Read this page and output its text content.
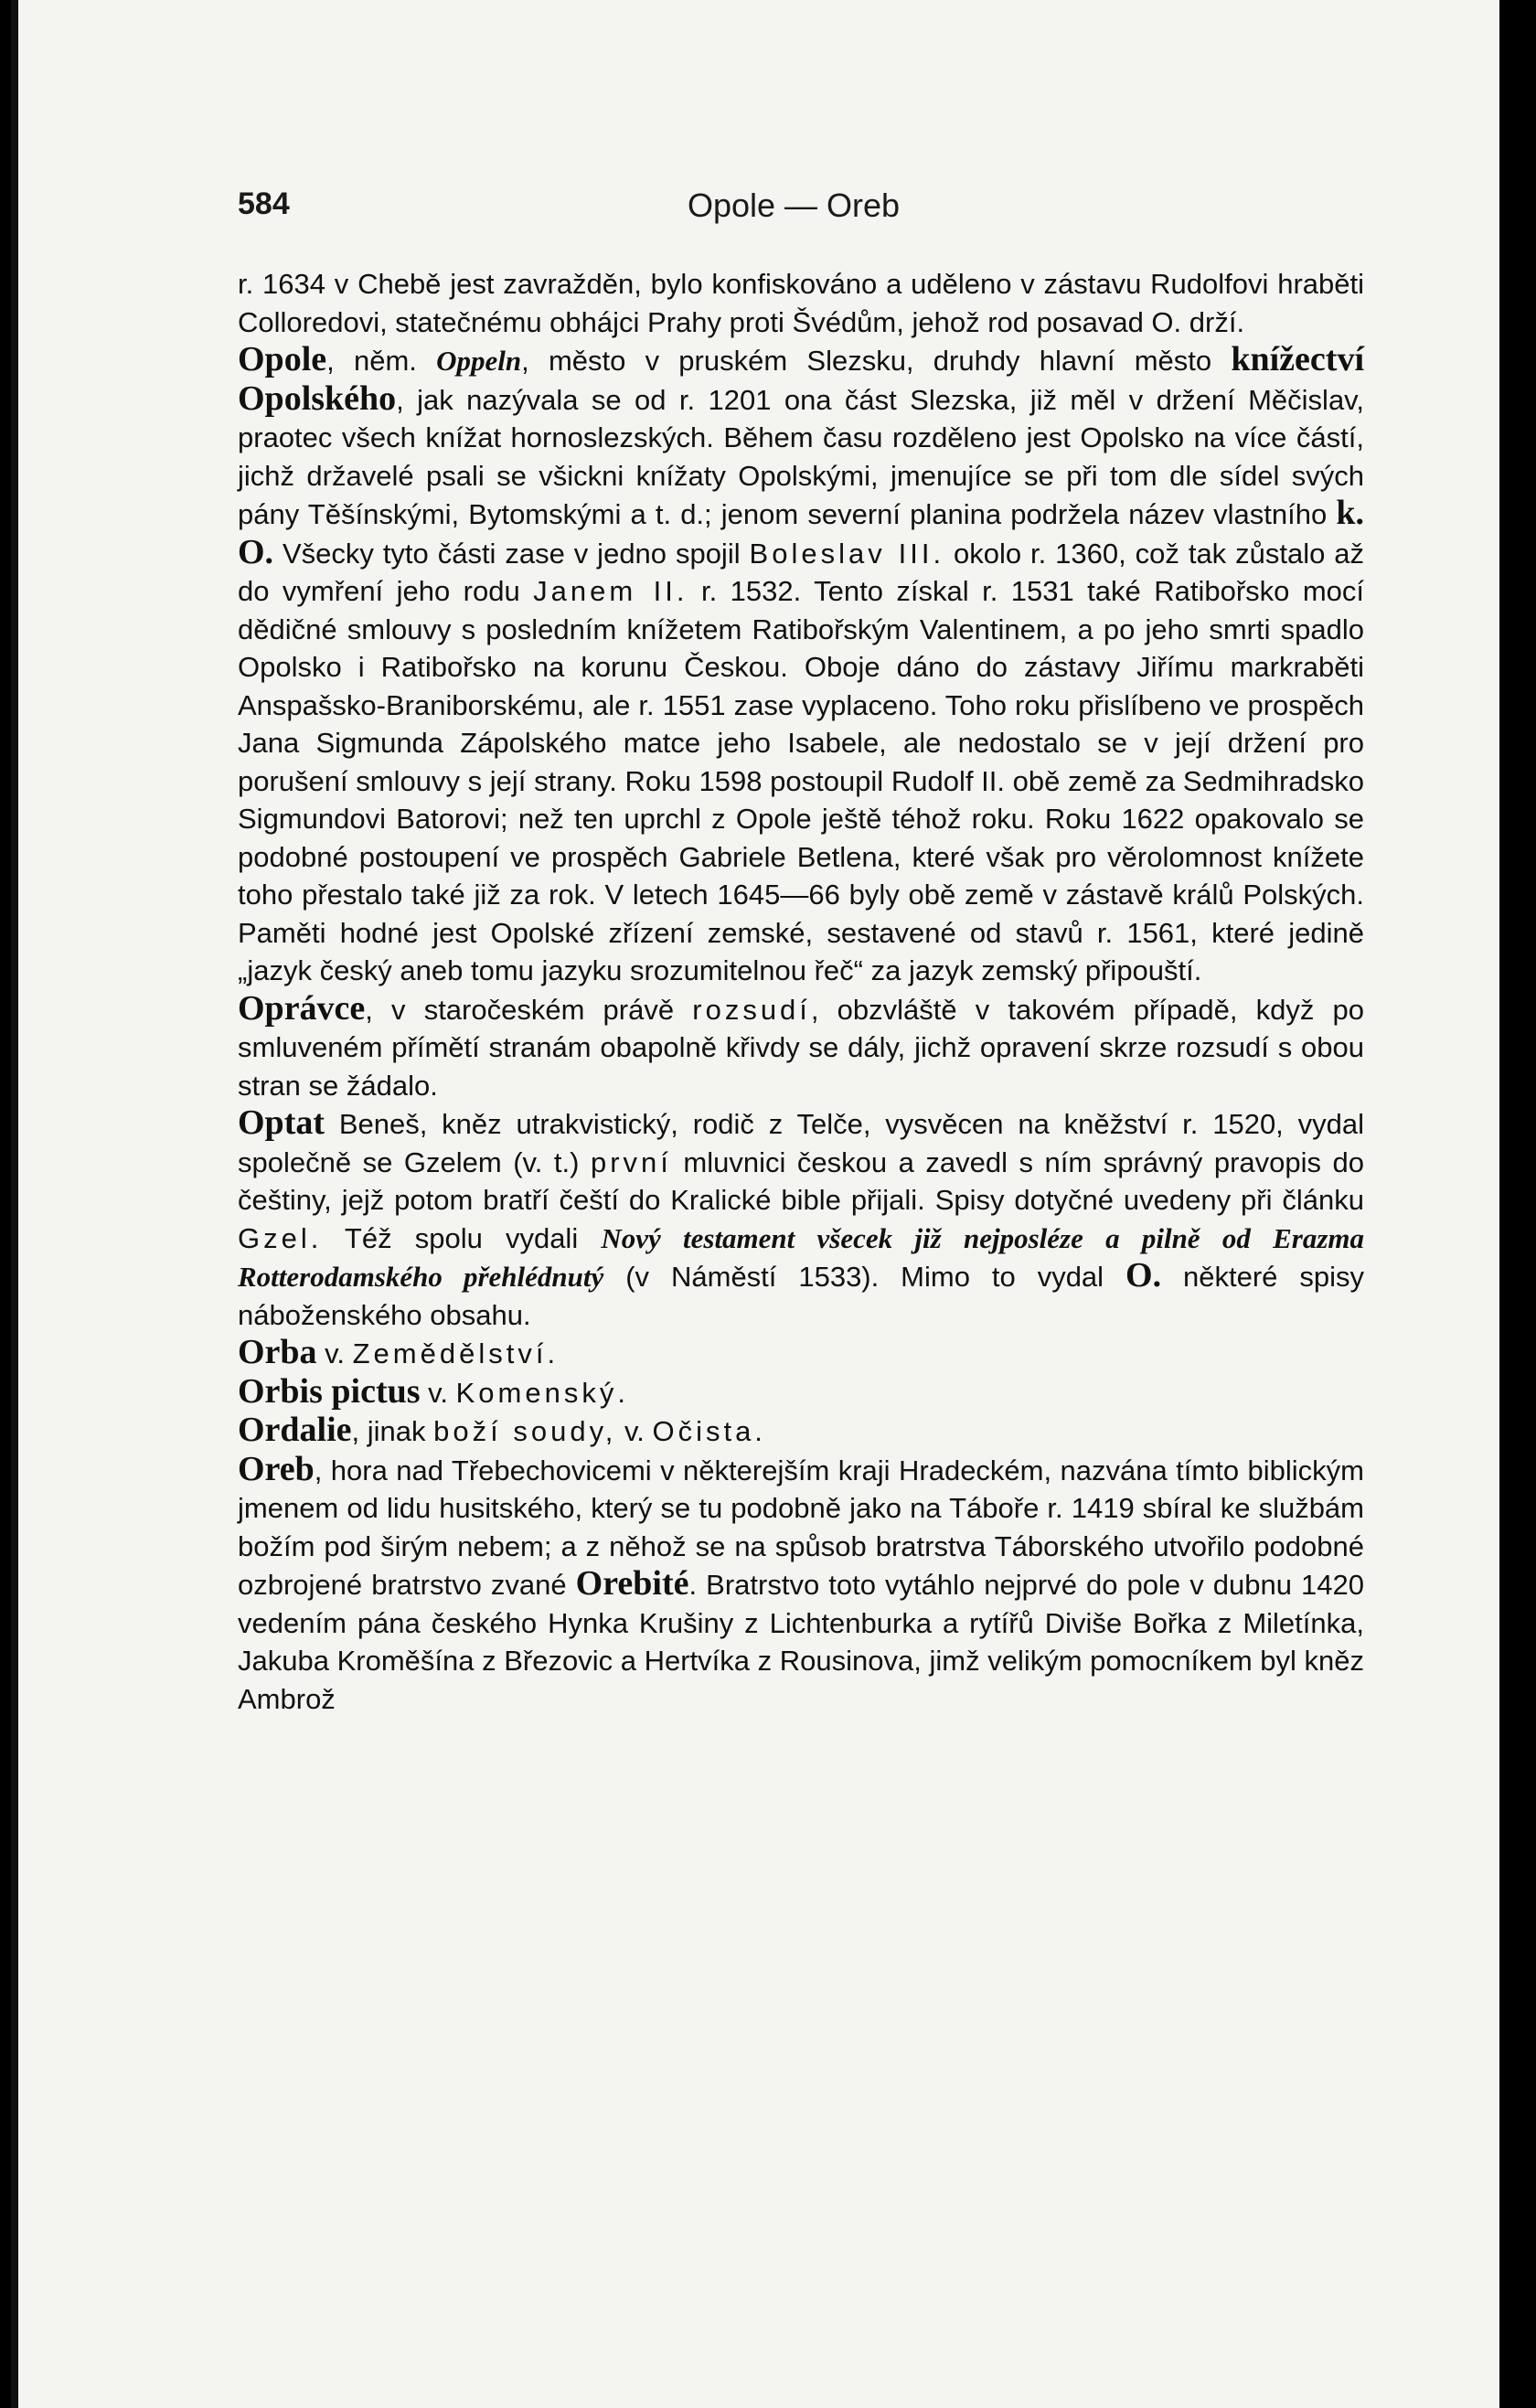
584	Opole — Oreb

r. 1634 v Chebě jest zavražděn, bylo konfiskováno a uděleno v zástavu Rudolfovi hraběti Colloredovi, statečnému obhájci Prahy proti Švédům, jehož rod posavad O. drží.

Opole, něm. Oppeln, město v pruském Slezsku, druhdy hlavní město knížectví Opolského, jak nazývala se od r. 1201 ona část Slezska, již měl v držení Měčislav, praotec všech knížat hornoslezských. Během času rozděleno jest Opolsko na více částí, jichž državelé psali se všickni knížaty Opolskými, jmenujíce se při tom dle sídel svých pány Těšínskými, Bytomskými a t. d.; jenom severní planina podržela název vlastního k. O. Všecky tyto části zase v jedno spojil Boleslav III. okolo r. 1360, což tak zůstalo až do vymření jeho rodu Janem II. r. 1532. Tento získal r. 1531 také Ratibořsko mocí dědičné smlouvy s posledním knížetem Ratibořským Valentinem, a po jeho smrti spadlo Opolsko i Ratibořsko na korunu Českou. Oboje dáno do zástavy Jiřímu markraběti Anspašsko-Braniborskému, ale r. 1551 zase vyplaceno. Toho roku přislíbeno ve prospěch Jana Sigmunda Zápolského matce jeho Isabele, ale nedostalo se v její držení pro porušení smlouvy s její strany. Roku 1598 postoupil Rudolf II. obě země za Sedmihradsko Sigmundovi Batorovi; než ten uprchl z Opole ještě téhož roku. Roku 1622 opakovalo se podobné postoupení ve prospěch Gabriele Betlena, které však pro věrolomnost knížete toho přestalo také již za rok. V letech 1645—66 byly obě země v zástavě králů Polských. Paměti hodné jest Opolské zřízení zemské, sestavené od stavů r. 1561, které jedině „jazyk český aneb tomu jazyku srozumitelnou řeč“ za jazyk zemský připouští.

Oprávce, v staročeském právě rozsudí, obzvláště v takovém případě, když po smluveném přímětí stranám obapolně křivdy se dály, jichž opravení skrze rozsudí s obou stran se žádalo.

Optat Beneš, kněz utrakvistický, rodič z Telče, vysvěcen na kněžství r. 1520, vydal společně se Gzelem (v. t.) první mluvnici českou a zavedl s ním správný pravopis do češtiny, jejž potom bratří čeští do Kralické bible přijali. Spisy dotyčné uvedeny při článku Gzel. Též spolu vydali Nový testament všecek již nejposléze a pilně od Erazma Rotterodamského přehlédnutý (v Náměstí 1533). Mimo to vydal O. některé spisy náboženského obsahu.

Orba v. Zemědělství.

Orbis pictus v. Komenský.

Ordalie, jinak boží soudy, v. Očista.

Oreb, hora nad Třebechovicemi v některejším kraji Hradeckém, nazvána tímto biblickým jmenem od lidu husitského, který se tu podobně jako na Táboře r. 1419 sbíral ke službám božím pod širým nebem; a z něhož se na spůsob bratrstva Táborského utvořilo podobné ozbrojené bratrstvo zvané Orebité. Bratrstvo toto vytáhlo nejprvé do pole v dubnu 1420 vedením pána českého Hynka Krušiny z Lichtenburka a rytířů Diviše Bořka z Miletínka, Jakuba Kroměšína z Březovic a Hertvíka z Rousinova, jimž velikým pomocníkem byl kněz Ambrož
